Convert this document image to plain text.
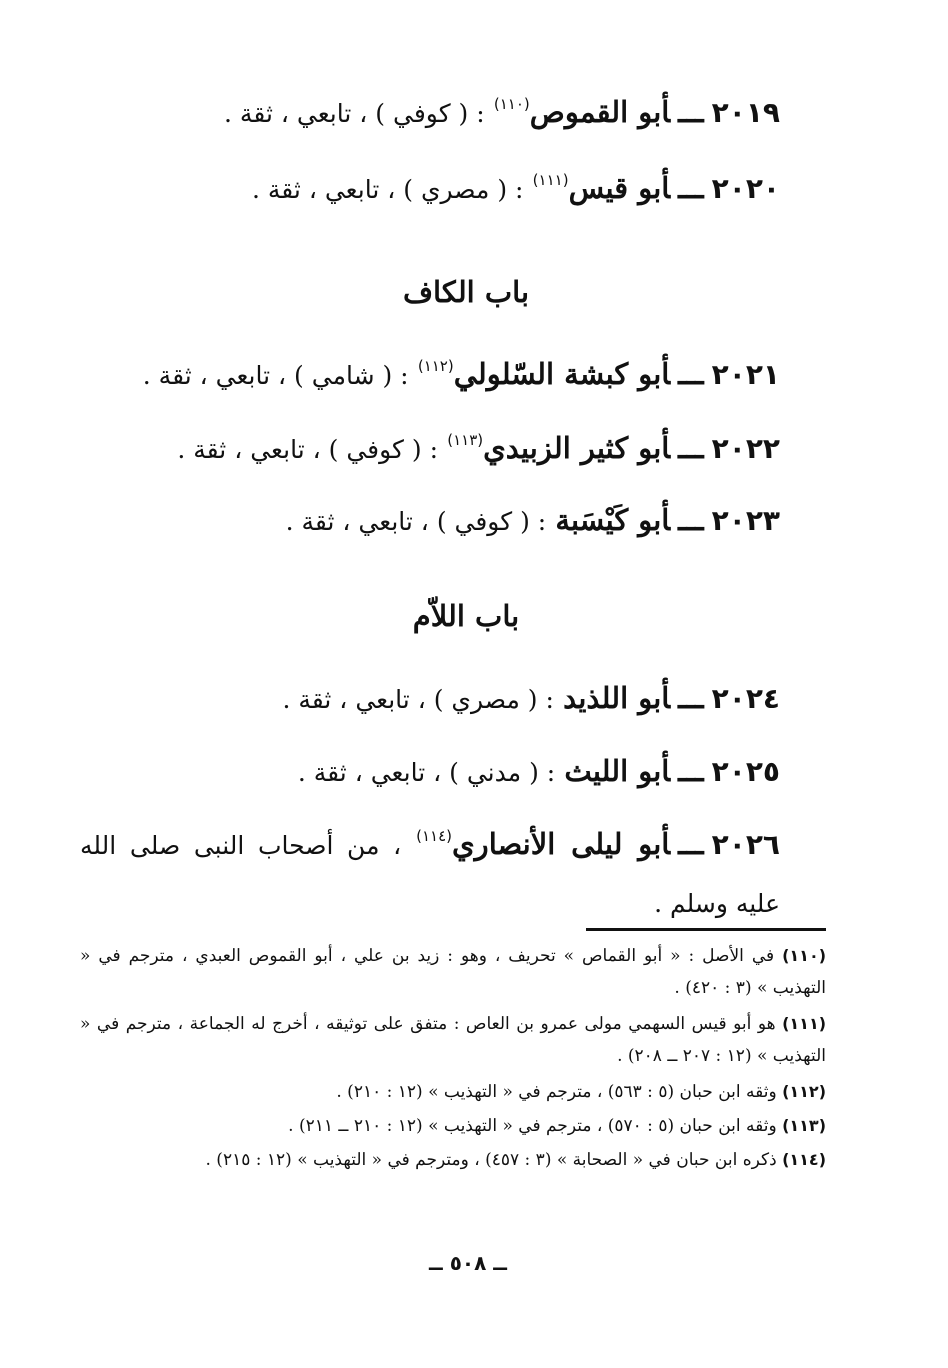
٢٠١٩ـــأبو القموص$^{(١١٠)}$ : ( كوفي ) ، تابعي ، ثقة .
٢٠٢٠ـــأبو قيس$^{(١١١)}$ : ( مصري ) ، تابعي ، ثقة .
باب الكاف
٢٠٢١ـــأبو كبشة السّلولي$^{(١١٢)}$ : ( شامي ) ، تابعي ، ثقة .
٢٠٢٢ـــأبو كثير الزبيدي$^{(١١٣)}$ : ( كوفي ) ، تابعي ، ثقة .
٢٠٢٣ـــأبو كَيْسَبة : ( كوفي ) ، تابعي ، ثقة .
باب اللاّم
٢٠٢٤ـــأبو اللذيد : ( مصري ) ، تابعي ، ثقة .
٢٠٢٥ـــأبو الليث : ( مدني ) ، تابعي ، ثقة .
٢٠٢٦ـــأبو ليلى الأنصاري$^{(١١٤)}$ ، من أصحاب النبى صلى الله عليه وسلم .
(١١٠) في الأصل : « أبو القماص » تحريف ، وهو : زيد بن علي ، أبو القموص العبدي ، مترجم في « التهذيب » (٣ : ٤٢٠) .
(١١١) هو أبو قيس السهمي مولى عمرو بن العاص : متفق على توثيقه ، أخرج له الجماعة ، مترجم في « التهذيب » (١٢ : ٢٠٧ ــ ٢٠٨) .
(١١٢) وثقه ابن حبان (٥ : ٥٦٣) ، مترجم في « التهذيب » (١٢ : ٢١٠) .
(١١٣) وثقه ابن حبان (٥ : ٥٧٠) ، مترجم في « التهذيب » (١٢ : ٢١٠ ــ ٢١١) .
(١١٤) ذكره ابن حبان في « الصحابة » (٣ : ٤٥٧) ، ومترجم في « التهذيب » (١٢ : ٢١٥) .
ــ ٥٠٨ ــ
